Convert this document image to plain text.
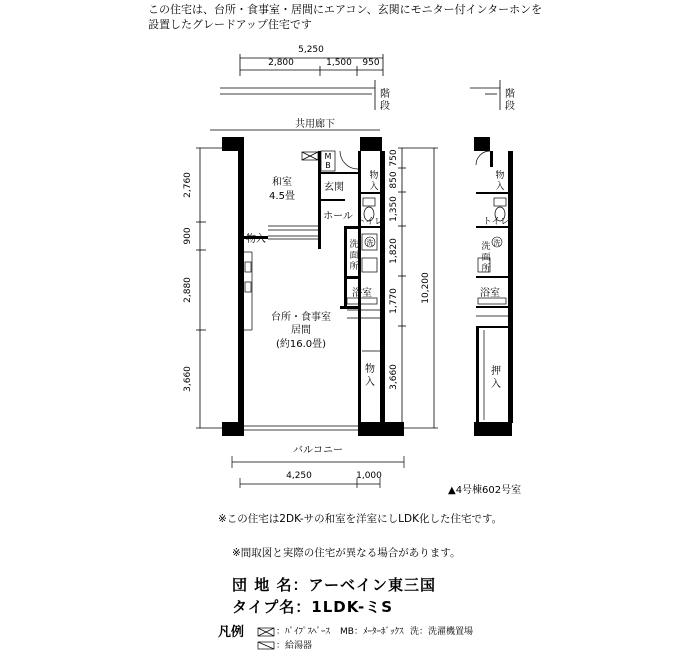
この住宅は、台所・食事室・居間にエアコン、玄関にモニター付インターホンを
設置したグレードアップ住宅です
5,250
2,800	1,500 950
階
段
階
段
共用廊下
2,760
900
2,880
3,660
750
850
1,350
1,820
1,770
3,660
10,200
和室
4.5畳
物入
M
B
玄関
ホール
物
入
トイレ
洗
洗
面
所
浴室
台所・食事室
居間
(約16.0畳)
物
入
バルコニー
4,250	1,000
物
入
トイレ
洗
洗
面
所
浴室
押
入
▲4号棟602号室
※この住宅は2DK-サの和室を洋室にしLDK化した住宅です。
※間取図と実際の住宅が異なる場合があります。
団 地 名：アーベイン東三国
タイプ名：1LDK-ミS
凡例	：ﾊﾟｲﾌﾟｽﾍﾟｰｽ MB：ﾒｰﾀｰﾎﾞｯｸｽ 洗：洗濯機置場
：給湯器
